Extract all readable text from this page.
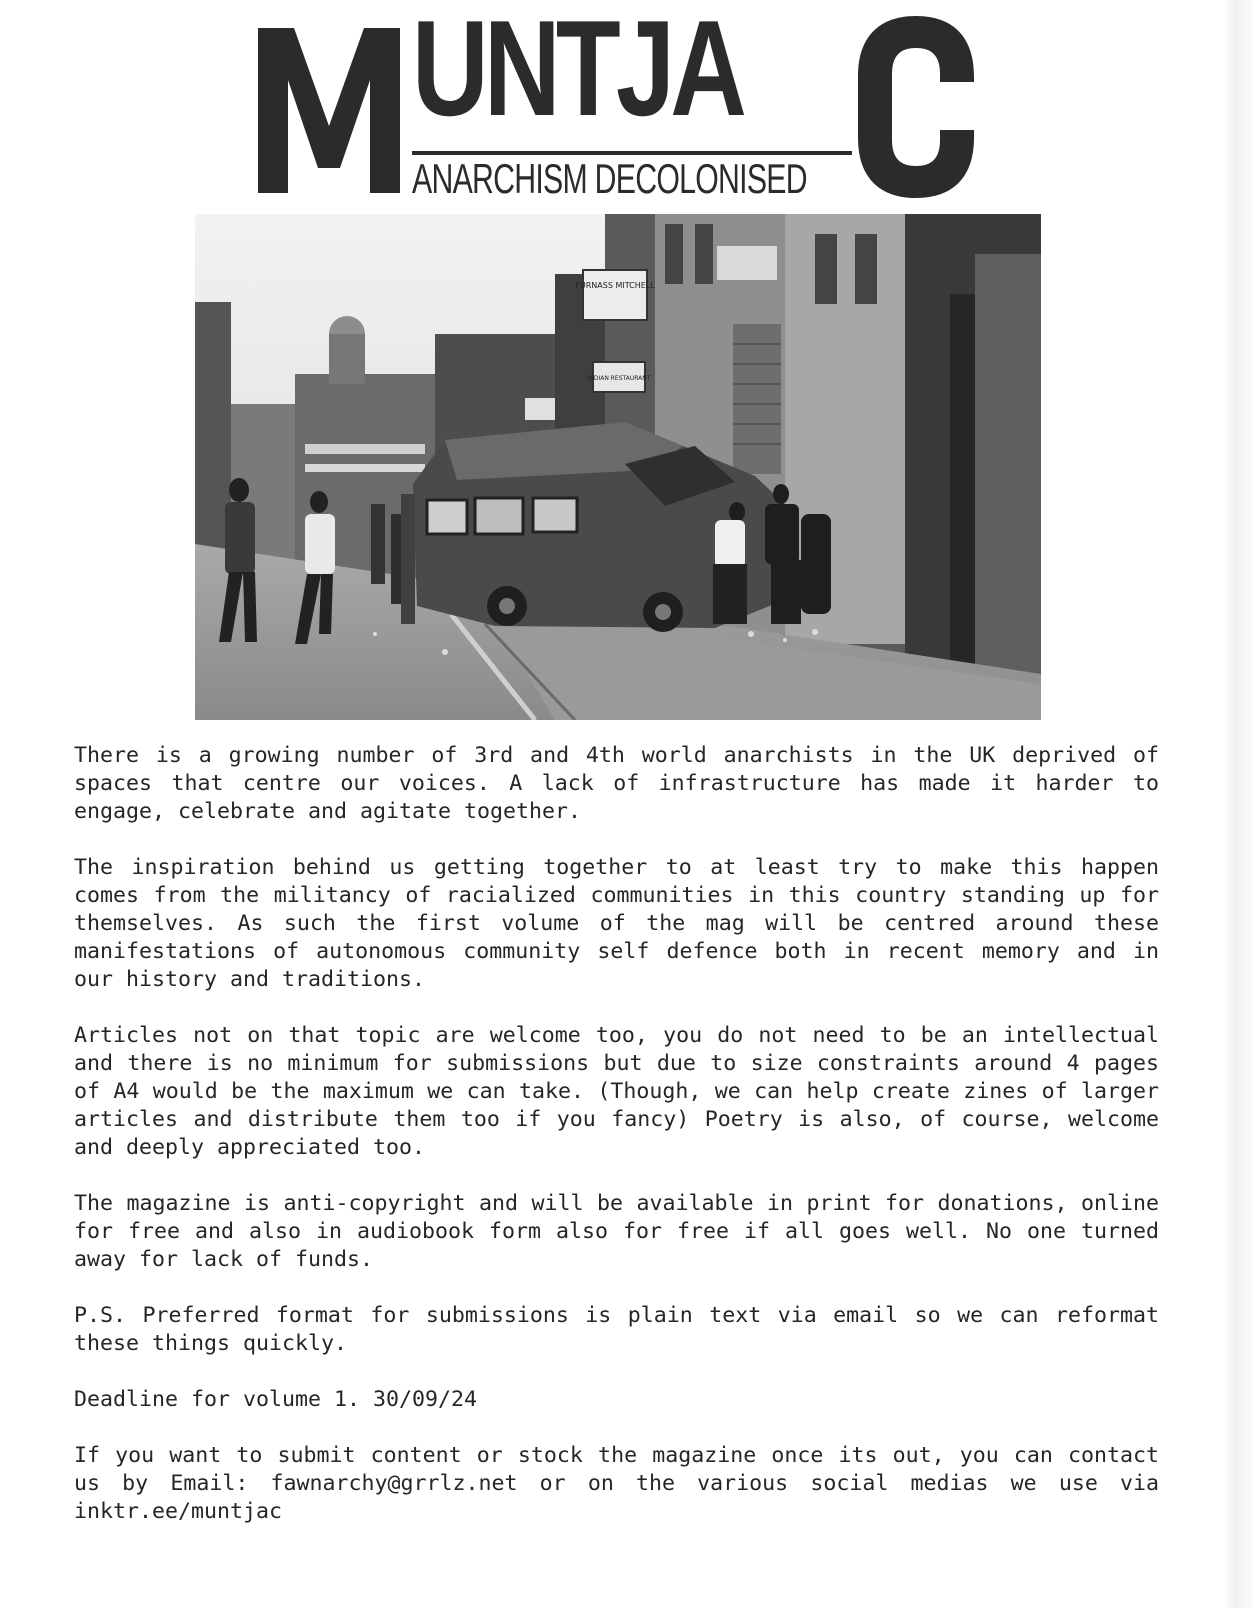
UNTJA
ANARCHISM DECOLONISED
FURNASS MITCHELL
INDIAN RESTAURANT

There is a growing number of 3rd and 4th world anarchists in the UK deprived of spaces that centre our voices. A lack of infrastructure has made it harder to engage, celebrate and agitate together.

The inspiration behind us getting together to at least try to make this happen comes from the militancy of racialized communities in this country standing up for themselves. As such the first volume of the mag will be centred around these manifestations of autonomous community self defence both in recent memory and in our history and traditions.

Articles not on that topic are welcome too, you do not need to be an intellectual and there is no minimum for submissions but due to size constraints around 4 pages of A4 would be the maximum we can take. (Though, we can help create zines of larger articles and distribute them too if you fancy) Poetry is also, of course, welcome and deeply appreciated too.

The magazine is anti-copyright and will be available in print for donations, online for free and also in audiobook form also for free if all goes well. No one turned away for lack of funds.

P.S. Preferred format for submissions is plain text via email so we can reformat these things quickly.

Deadline for volume 1. 30/09/24

If you want to submit content or stock the magazine once its out, you can contact us by Email: fawnarchy@grrlz.net or on the various social medias we use via inktr.ee/muntjac
